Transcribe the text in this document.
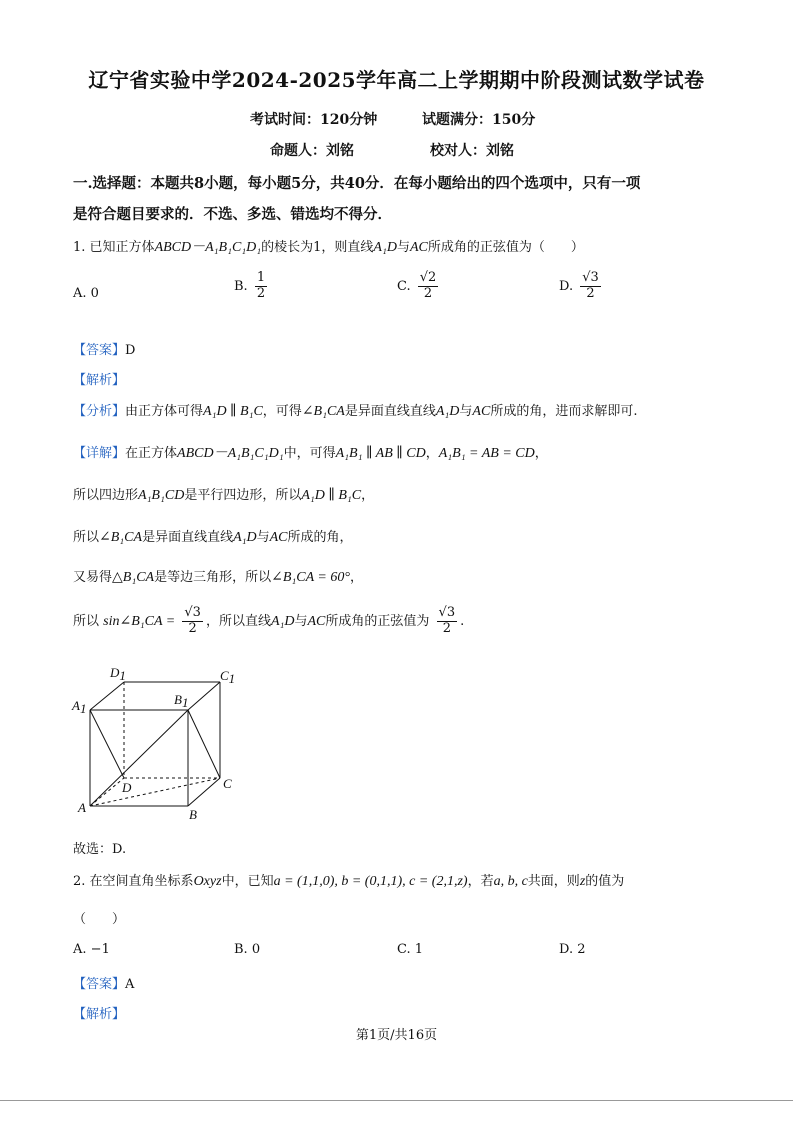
辽宁省实验中学2024-2025学年高二上学期期中阶段测试数学试卷
考试时间：120分钟	试题满分：150分
命题人：刘铭	校对人：刘铭
一.选择题：本题共8小题，每小题5分，共40分．在每小题给出的四个选项中，只有一项
是符合题目要求的．不选、多选、错选均不得分．
1. 已知正方体ABCD－A₁B₁C₁D₁的棱长为1，则直线A₁D与AC所成角的正弦值为（　　）
A. 0	B. $\frac{1}{2}$	C. $\frac{√2}{2}$	D. $\frac{√3}{2}$
【答案】D
【解析】
【分析】由正方体可得A₁D ∥ B₁C，可得∠B₁CA是异面直线直线A₁D与AC所成的角，进而求解即可.
【详解】在正方体ABCD－A₁B₁C₁D₁中，可得A₁B₁ ∥ AB ∥ CD，A₁B₁ = AB = CD，
所以四边形A₁B₁CD是平行四边形，所以A₁D ∥ B₁C，
所以∠B₁CA是异面直线直线A₁D与AC所成的角，
又易得△B₁CA是等边三角形，所以∠B₁CA = 60°，
所以 sin∠B₁CA = $\frac{√3}{2}$ ，所以直线A₁D与AC所成角的正弦值为 $\frac{√3}{2}$ .
D1	C1
A1
B1
D	C
A	B
故选：D.
2. 在空间直角坐标系Oxyz中，已知a = (1,1,0), b = (0,1,1), c = (2,1,z)，若a, b, c共面，则z的值为
（　　）
A. −1	B. 0	C. 1	D. 2
【答案】A
【解析】
第1页/共16页
